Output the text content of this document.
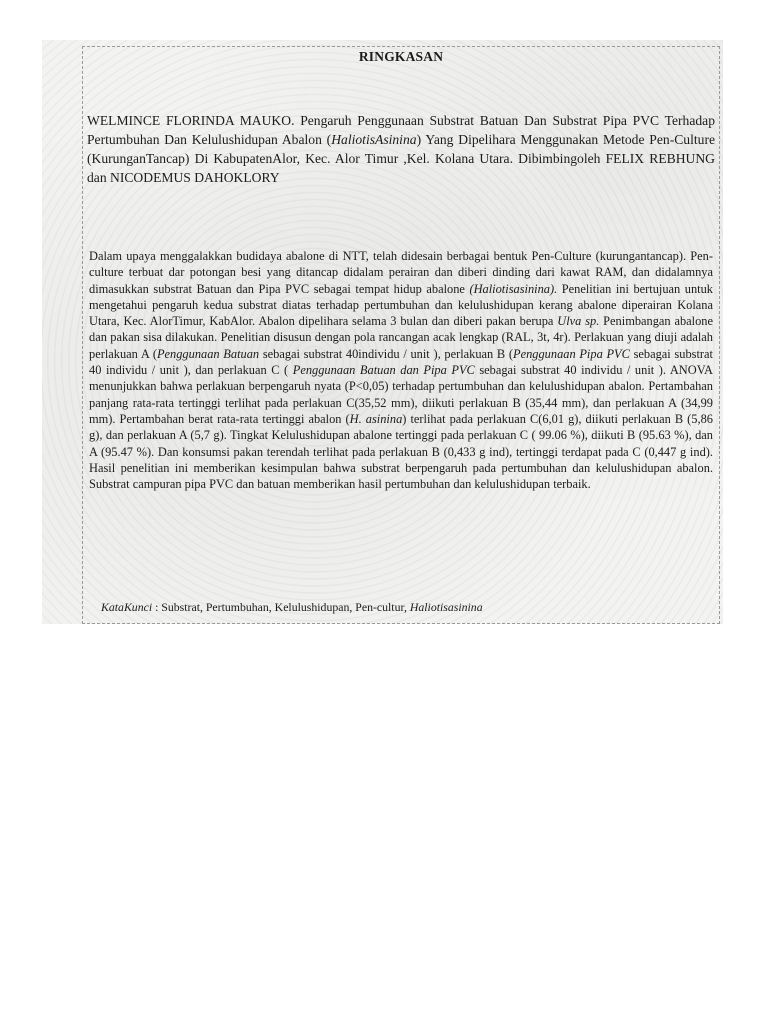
RINGKASAN

WELMINCE FLORINDA MAUKO. Pengaruh Penggunaan Substrat Batuan Dan Substrat Pipa PVC Terhadap Pertumbuhan Dan Kelulushidupan Abalon (HaliotisAsinina) Yang Dipelihara Menggunakan Metode Pen-Culture (KurunganTancap) Di KabupatenAlor, Kec. Alor Timur ,Kel. Kolana Utara. Dibimbingoleh FELIX REBHUNG dan NICODEMUS DAHOKLORY

Dalam upaya menggalakkan budidaya abalone di NTT, telah didesain berbagai bentuk Pen-Culture (kurungantancap). Pen-culture terbuat dar potongan besi yang ditancap didalam perairan dan diberi dinding dari kawat RAM, dan didalamnya dimasukkan substrat Batuan dan Pipa PVC sebagai tempat hidup abalone (Haliotisasinina). Penelitian ini bertujuan untuk mengetahui pengaruh kedua substrat diatas terhadap pertumbuhan dan kelulushidupan kerang abalone diperairan Kolana Utara, Kec. AlorTimur, KabAlor. Abalon dipelihara selama 3 bulan dan diberi pakan berupa Ulva sp. Penimbangan abalone dan pakan sisa dilakukan. Penelitian disusun dengan pola rancangan acak lengkap (RAL, 3t, 4r). Perlakuan yang diuji adalah perlakuan A (Penggunaan Batuan sebagai substrat 40individu / unit ), perlakuan B (Penggunaan Pipa PVC sebagai substrat 40 individu / unit ), dan perlakuan C ( Penggunaan Batuan dan Pipa PVC sebagai substrat 40 individu / unit ). ANOVA menunjukkan bahwa perlakuan berpengaruh nyata (P<0,05) terhadap pertumbuhan dan kelulushidupan abalon. Pertambahan panjang rata-rata tertinggi terlihat pada perlakuan C(35,52 mm), diikuti perlakuan B (35,44 mm), dan perlakuan A (34,99 mm). Pertambahan berat rata-rata tertinggi abalon (H. asinina) terlihat pada perlakuan C(6,01 g), diikuti perlakuan B (5,86 g), dan perlakuan A (5,7 g). Tingkat Kelulushidupan abalone tertinggi pada perlakuan C ( 99.06 %), diikuti B (95.63 %), dan A (95.47 %). Dan konsumsi pakan terendah terlihat pada perlakuan B (0,433 g ind), tertinggi terdapat pada C (0,447 g ind). Hasil penelitian ini memberikan kesimpulan bahwa substrat berpengaruh pada pertumbuhan dan kelulushidupan abalon. Substrat campuran pipa PVC dan batuan memberikan hasil pertumbuhan dan kelulushidupan terbaik.

KataKunci : Substrat, Pertumbuhan, Kelulushidupan, Pen-cultur, Haliotisasinina
